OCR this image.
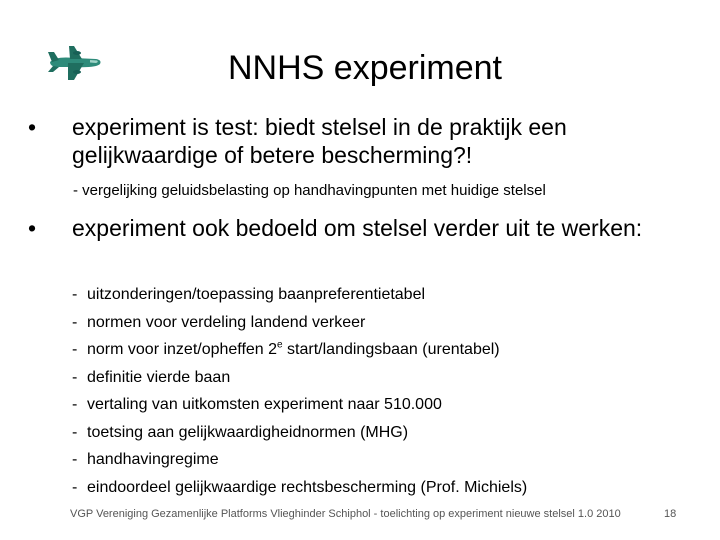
NNHS experiment
• experiment is test: biedt stelsel in de praktijk een gelijkwaardige of betere bescherming?!
- vergelijking geluidsbelasting op handhavingpunten met huidige stelsel
• experiment ook bedoeld om stelsel verder uit te werken:
- uitzonderingen/toepassing baanpreferentietabel
- normen voor verdeling landend verkeer
- norm voor inzet/opheffen 2e start/landingsbaan (urentabel)
- definitie vierde baan
- vertaling van uitkomsten experiment naar 510.000
- toetsing aan gelijkwaardigheidnormen (MHG)
- handhavingregime
- eindoordeel gelijkwaardige rechtsbescherming (Prof. Michiels)
VGP Vereniging Gezamenlijke Platforms Vlieghinder Schiphol - toelichting op experiment nieuwe stelsel 1.0 2010	18
